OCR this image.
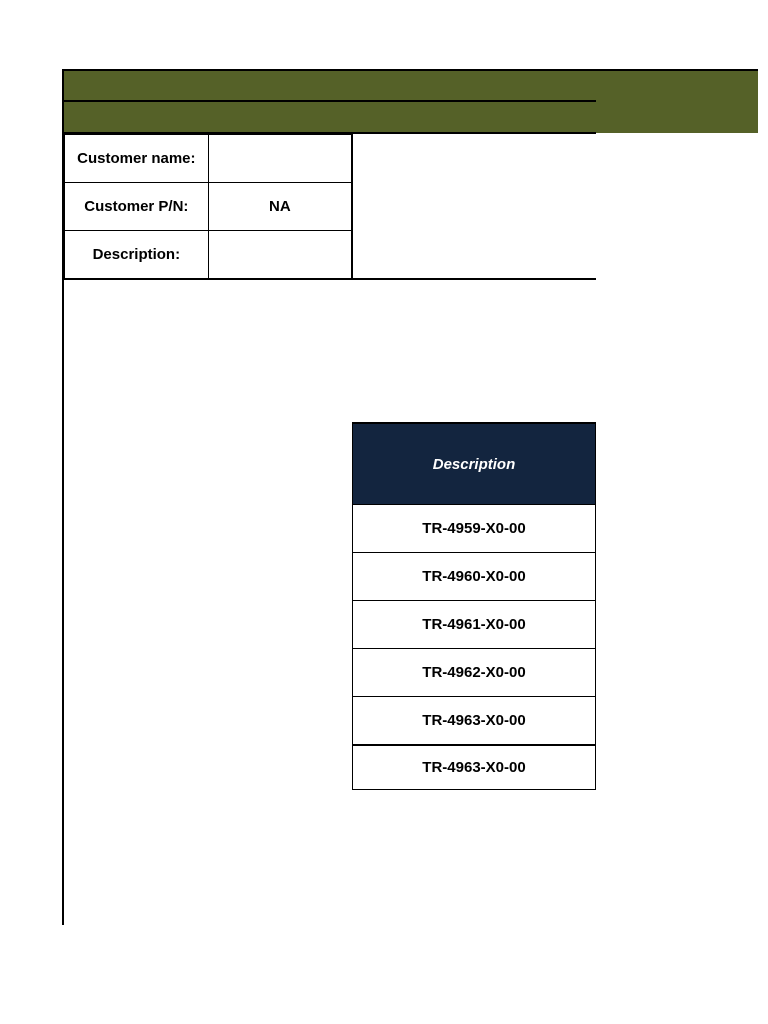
Customer name:	
Customer P/N:	NA
Description:	
Description
TR-4959-X0-00
TR-4960-X0-00
TR-4961-X0-00
TR-4962-X0-00
TR-4963-X0-00
TR-4963-X0-00
